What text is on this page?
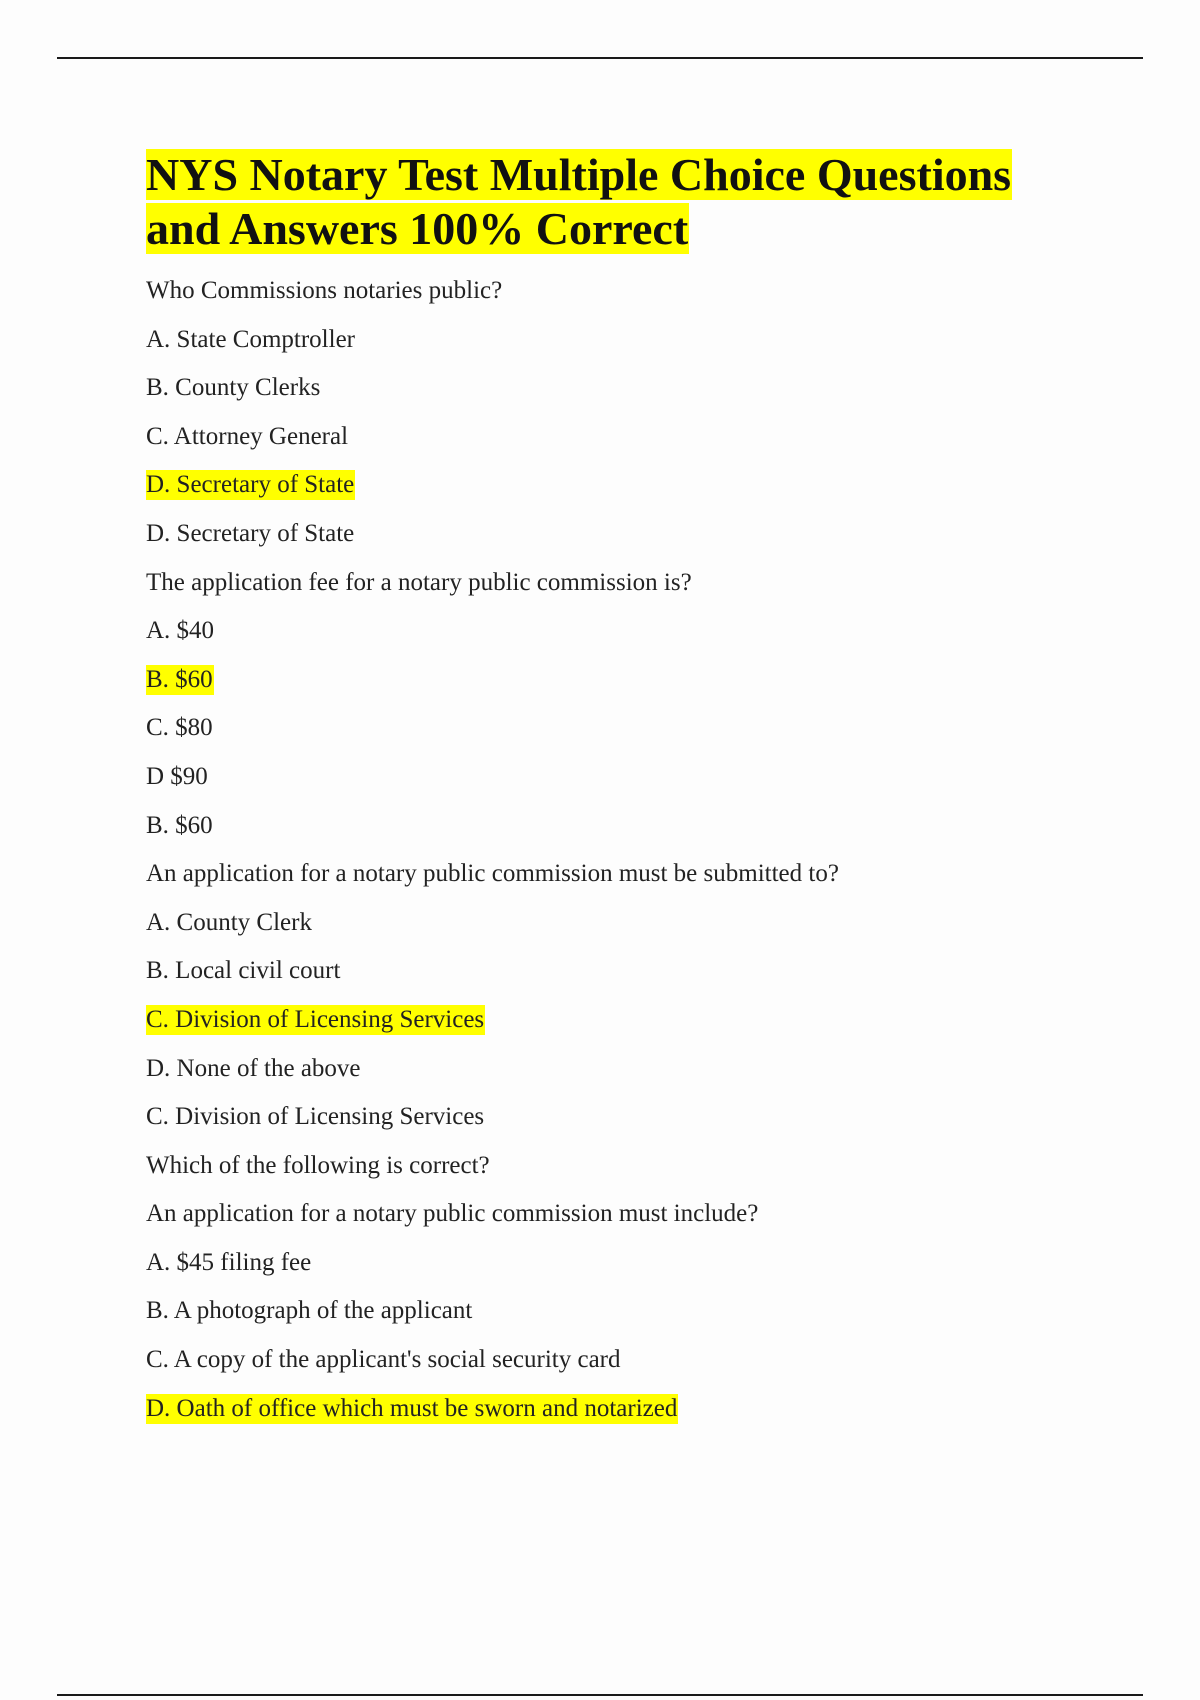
NYS Notary Test Multiple Choice Questions and Answers 100% Correct
Who Commissions notaries public?
A. State Comptroller
B. County Clerks
C. Attorney General
D. Secretary of State
D. Secretary of State
The application fee for a notary public commission is?
A. $40
B. $60
C. $80
D $90
B. $60
An application for a notary public commission must be submitted to?
A. County Clerk
B. Local civil court
C. Division of Licensing Services
D. None of the above
C. Division of Licensing Services
Which of the following is correct?
An application for a notary public commission must include?
A. $45 filing fee
B. A photograph of the applicant
C. A copy of the applicant's social security card
D. Oath of office which must be sworn and notarized
